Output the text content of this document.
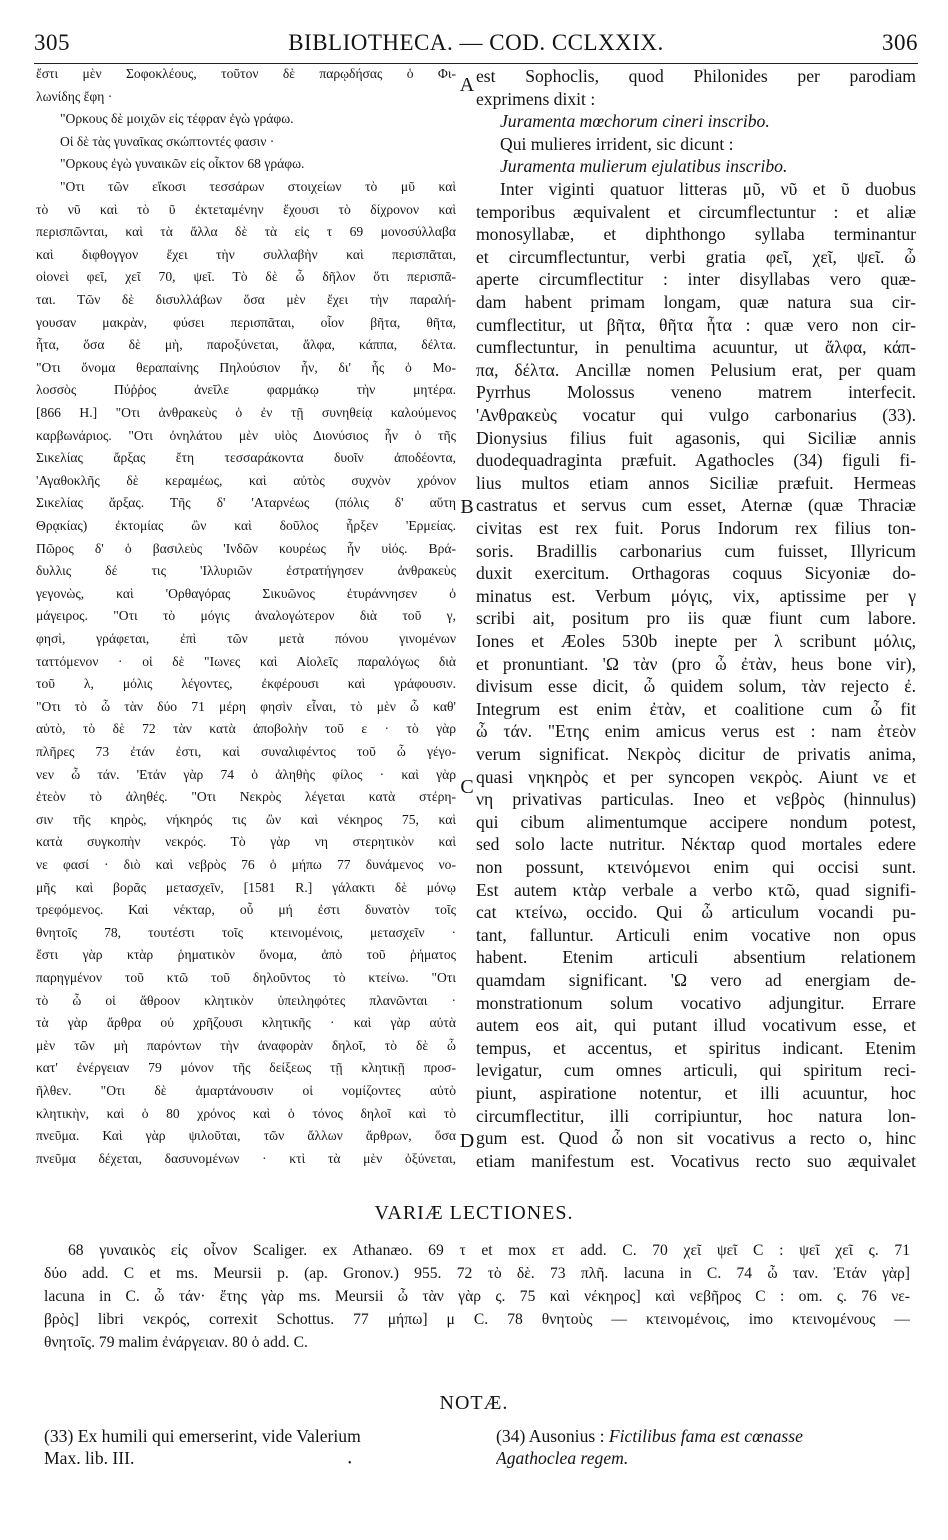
305	BIBLIOTHECA. — COD. CCLXXIX.	306
ἔστι μὲν Σοφοκλέους, τοῦτον δὲ παρῳδήσας ὁ Φι-
λωνίδης ἔφη ·
"Ορκους δὲ μοιχῶν εἰς τέφραν ἐγὼ γράφω.
Οἱ δὲ τὰς γυναῖκας σκώπτοντές φασιν ·
"Ορκους ἐγὼ γυναικῶν εἰς οἶκτον 68 γράφω.
"Οτι τῶν εἴκοσι τεσσάρων στοιχείων τὸ μῦ καὶ
τὸ νῦ καὶ τὸ ῦ ἐκτεταμένην ἔχουσι τὸ δίχρονον καὶ
περισπῶνται, καὶ τὰ ἄλλα δὲ τὰ εἰς τ 69 μονοσύλλαβα
καὶ διφθογγον ἔχει τὴν συλλαβὴν καὶ περισπᾶται,
οἱονεὶ φεῖ, χεῖ 70, ψεῖ. Τὸ δὲ ὦ δῆλον ὅτι περισπᾶ-
ται. Τῶν δὲ δισυλλάβων ὅσα μὲν ἔχει τὴν παραλή-
γουσαν μακρὰν, φύσει περισπᾶται, οἷον βῆτα, θῆτα,
ἦτα, ὅσα δὲ μὴ, παροξύνεται, ἄλφα, κάππα, δέλτα.
"Οτι ὄνομα θεραπαίνης Πηλούσιον ἦν, δι' ἧς ὁ Μο-
λοσσὸς Πύῤῥος ἀνεῖλε φαρμάκῳ τὴν μητέρα.
[866 H.] "Οτι ἀνθρακεὺς ὁ ἐν τῇ συνηθείᾳ καλούμενος
καρβωνάριος. "Οτι ὀνηλάτου μὲν υἱὸς Διονύσιος ἦν ὁ τῆς
Σικελίας ἄρξας ἔτη τεσσαράκοντα δυοῖν ἀποδέοντα,
'Αγαθοκλῆς δὲ κεραμέως, καὶ αὐτὸς συχνὸν χρόνον
Σικελίας ἄρξας. Τῆς δ' 'Αταρνέως (πόλις δ' αὕτη
Θρᾳκίας) ἐκτομίας ὢν καὶ δοῦλος ἦρξεν 'Ερμείας.
Πῶρος δ' ὁ βασιλεὺς 'Ινδῶν κουρέως ἦν υἱός. Βρά-
δυλλις δέ τις 'Ιλλυριῶν ἐστρατήγησεν ἀνθρακεὺς
γεγονὼς, καὶ 'Ορθαγόρας Σικυῶνος ἐτυράννησεν ὁ
μάγειρος. "Οτι τὸ μόγις ἀναλογώτερον διὰ τοῦ γ,
φησὶ, γράφεται, ἐπὶ τῶν μετὰ πόνου γινομένων
ταττόμενον · οἱ δὲ "Ιωνες καὶ Αἰολεῖς παραλόγως διὰ
τοῦ λ, μόλις λέγοντες, ἐκφέρουσι καὶ γράφουσιν.
"Οτι τὸ ὦ τὰν δύο 71 μέρη φησὶν εἶναι, τὸ μὲν ὦ καθ'
αὑτὸ, τὸ δὲ 72 τὰν κατὰ ἀποβολὴν τοῦ ε · τὸ γὰρ
πλῆρες 73 ἐτάν ἐστι, καὶ συναλιφέντος τοῦ ὦ γέγο-
νεν ὦ τάν. 'Ετάν γὰρ 74 ὁ ἀληθὴς φίλος · καὶ γὰρ
ἐτεὸν τὸ ἀληθές. "Οτι Νεκρὸς λέγεται κατὰ στέρη-
σιν τῆς κηρὸς, νήκηρός τις ὢν καὶ νέκηρος 75, καὶ
κατὰ συγκοπὴν νεκρός. Τὸ γὰρ νη στερητικὸν καὶ
νε φασί · διὸ καὶ νεβρὸς 76 ὁ μήπω 77 δυνάμενος νο-
μῆς καὶ βορᾶς μετασχεῖν, [1581 R.] γάλακτι δὲ μόνῳ
τρεφόμενος. Καὶ νέκταρ, οὗ μή ἐστι δυνατὸν τοῖς
θνητοῖς 78, τουτέστι τοῖς κτεινομένοις, μετασχεῖν ·
ἔστι γὰρ κτὰρ ῥηματικὸν ὄνομα, ἀπὸ τοῦ ῥήματος
παρηγμένον τοῦ κτῶ τοῦ δηλοῦντος τὸ κτείνω. "Οτι
τὸ ὦ οἱ ἄθροον κλητικὸν ὑπειληφότες πλανῶνται ·
τὰ γὰρ ἄρθρα οὐ χρῆζουσι κλητικῆς · καὶ γὰρ αὐτὰ
μὲν τῶν μὴ παρόντων τὴν ἀναφορὰν δηλοῖ, τὸ δὲ ὦ
κατ' ἐνέργειαν 79 μόνον τῆς δείξεως τῇ κλητικῇ προσ-
ῆλθεν. "Οτι δὲ ἁμαρτάνουσιν οἱ νομίζοντες αὐτὸ
κλητικὴν, καὶ ὁ 80 χρόνος καὶ ὁ τόνος δηλοῖ καὶ τὸ
πνεῦμα. Καὶ γὰρ ψιλοῦται, τῶν ἄλλων ἄρθρων, ὅσα
πνεῦμα δέχεται, δασυνομένων · κτὶ τὰ μὲν ὀξύνεται,
est Sophoclis, quod Philonides per parodiam
exprimens dixit :
Juramenta mœchorum cineri inscribo.
Qui mulieres irrident, sic dicunt :
Juramenta mulierum ejulatibus inscribo.
Inter viginti quatuor litteras μῦ, νῦ et ῦ duobus
temporibus æquivalent et circumflectuntur : et aliæ
monosyllabæ, et diphthongo syllaba terminantur
et circumflectuntur, verbi gratia φεῖ, χεῖ, ψεῖ. ὦ
aperte circumflectitur : inter disyllabas vero quæ-
dam habent primam longam, quæ natura sua cir-
cumflectitur, ut βῆτα, θῆτα ἦτα : quæ vero non cir-
cumflectuntur, in penultima acuuntur, ut ἄλφα, κάπ-
πα, δέλτα. Ancillæ nomen Pelusium erat, per quam
Pyrrhus Molossus veneno matrem interfecit.
'Ανθρακεὺς vocatur qui vulgo carbonarius (33).
Dionysius filius fuit agasonis, qui Siciliæ annis
duodequadraginta præfuit. Agathocles (34) figuli fi-
lius multos etiam annos Siciliæ præfuit. Hermeas
castratus et servus cum esset, Aternæ (quæ Thraciæ
civitas est rex fuit. Porus Indorum rex filius ton-
soris. Bradillis carbonarius cum fuisset, Illyricum
duxit exercitum. Orthagoras coquus Sicyoniæ do-
minatus est. Verbum μόγις, vix, aptissime per γ
scribi ait, positum pro iis quæ fiunt cum labore.
Iones et Æoles 530b inepte per λ scribunt μόλις,
et pronuntiant. 'Ω τὰν (pro ὦ ἐτὰν, heus bone vir),
divisum esse dicit, ὦ quidem solum, τὰν rejecto ἐ.
Integrum est enim ἐτὰν, et coalitione cum ὦ fit
ὦ τάν. "Ετης enim amicus verus est : nam ἐτεὸν
verum significat. Νεκρὸς dicitur de privatis anima,
quasi νηκηρὸς et per syncopen νεκρὸς. Aiunt νε et
νη privativas particulas. Ineo et νεβρὸς (hinnulus)
qui cibum alimentumque accipere nondum potest,
sed solo lacte nutritur. Νέκταρ quod mortales edere
non possunt, κτεινόμενοι enim qui occisi sunt.
Est autem κτὰρ verbale a verbo κτῶ, quad signifi-
cat κτείνω, occido. Qui ὦ articulum vocandi pu-
tant, falluntur. Articuli enim vocative non opus
habent. Etenim articuli absentium relationem
quamdam significant. 'Ω vero ad energiam de-
monstrationum solum vocativo adjungitur. Errare
autem eos ait, qui putant illud vocativum esse, et
tempus, et accentus, et spiritus indicant. Etenim
levigatur, cum omnes articuli, qui spiritum reci-
piunt, aspiratione notentur, et illi acuuntur, hoc
circumflectitur, illi corripiuntur, hoc natura lon-
gum est. Quod ὦ non sit vocativus a recto ο, hinc
etiam manifestum est. Vocativus recto suo æquivalet
A
B
C
D
VARIÆ LECTIONES.
68 γυναικὸς εἰς οἶνον Scaliger. ex Athanæo. 69 τ et mox ετ add. C. 70 χεῖ ψεῖ C : ψεῖ χεῖ ς. 71
δύο add. C et ms. Meursii p. (ap. Gronov.) 955. 72 τὸ δὲ. 73 πλῆ. lacuna in C. 74 ὦ ταν. Ἐτάν γὰρ]
lacuna in C. ὦ τάν· ἔτης γὰρ ms. Meursii ὦ τὰν γὰρ ς. 75 καὶ νέκηρος] καὶ νεβῆρος C : om. ς. 76 νε-
βρὸς] libri νεκρός, correxit Schottus. 77 μήπω] μ C. 78 θνητοὺς — κτεινομένοις, imo κτεινομένους —
θνητοῖς. 79 malim ἐνάργειαν. 80 ὁ add. C.
NOTÆ.
(33) Ex humili qui emerserint, vide Valerium
Max. lib. III.
(34) Ausonius : Fictilibus fama est cœnasse
Agathoclea regem.
•
